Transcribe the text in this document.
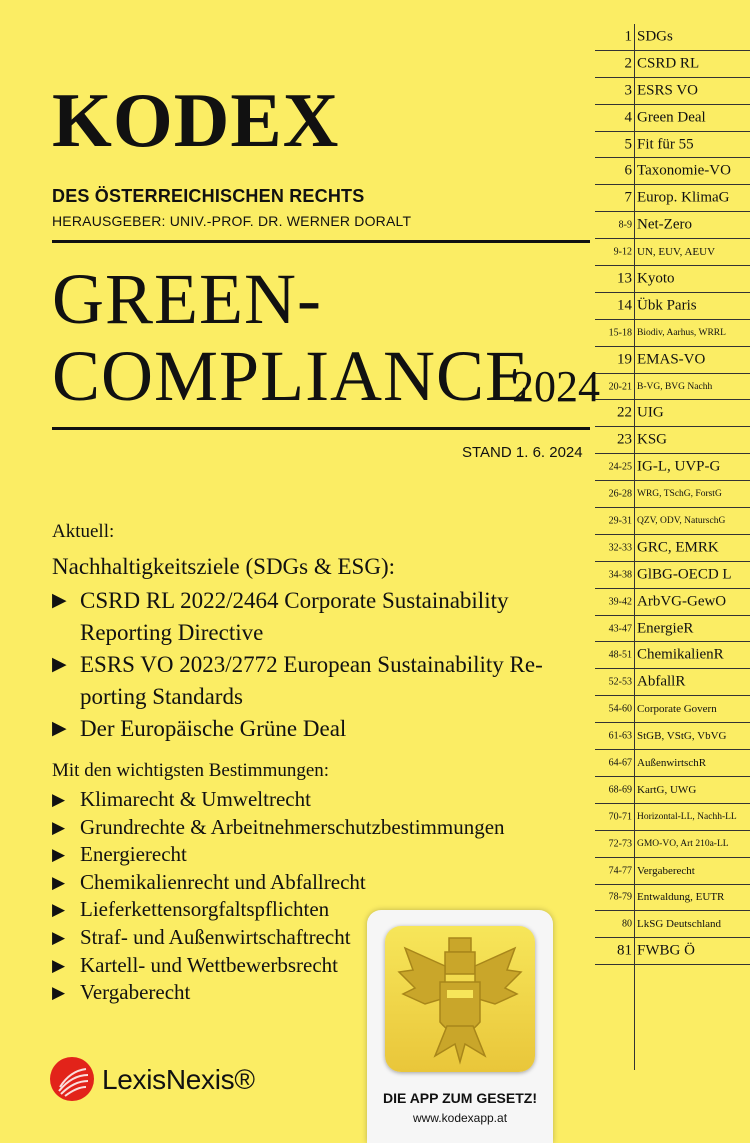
KODEX
DES ÖSTERREICHISCHEN RECHTS
HERAUSGEBER: UNIV.-PROF. DR. WERNER DORALT
GREEN-
COMPLIANCE
2024
STAND 1. 6. 2024
Aktuell:
Nachhaltigkeitsziele (SDGs & ESG):
▶ CSRD RL 2022/2464 Corporate Sustainability Reporting Directive
▶ ESRS VO 2023/2772 European Sustainability Re-porting Standards
▶ Der Europäische Grüne Deal
Mit den wichtigsten Bestimmungen:
▶ Klimarecht & Umweltrecht
▶ Grundrechte & Arbeitnehmerschutzbestimmungen
▶ Energierecht
▶ Chemikalienrecht und Abfallrecht
▶ Lieferkettensorgfaltspflichten
▶ Straf- und Außenwirtschaftrecht
▶ Kartell- und Wettbewerbsrecht
▶ Vergaberecht
LexisNexis®
DIE APP ZUM GESETZ!
www.kodexapp.at
1 SDGs
2 CSRD RL
3 ESRS VO
4 Green Deal
5 Fit für 55
6 Taxonomie-VO
7 Europ. KlimaG
8-9 Net-Zero
9-12 UN, EUV, AEUV
13 Kyoto
14 Übk Paris
15-18 Biodiv, Aarhus, WRRL
19 EMAS-VO
20-21 B-VG, BVG Nachh
22 UIG
23 KSG
24-25 IG-L, UVP-G
26-28 WRG, TSchG, ForstG
29-31 QZV, ODV, NaturschG
32-33 GRC, EMRK
34-38 GlBG-OECD L
39-42 ArbVG-GewO
43-47 EnergieR
48-51 ChemikalienR
52-53 AbfallR
54-60 Corporate Govern
61-63 StGB, VStG, VbVG
64-67 AußenwirtschR
68-69 KartG, UWG
70-71 Horizontal-LL, Nachh-LL
72-73 GMO-VO, Art 210a-LL
74-77 Vergaberecht
78-79 Entwaldung, EUTR
80 LkSG Deutschland
81 FWBG Ö
